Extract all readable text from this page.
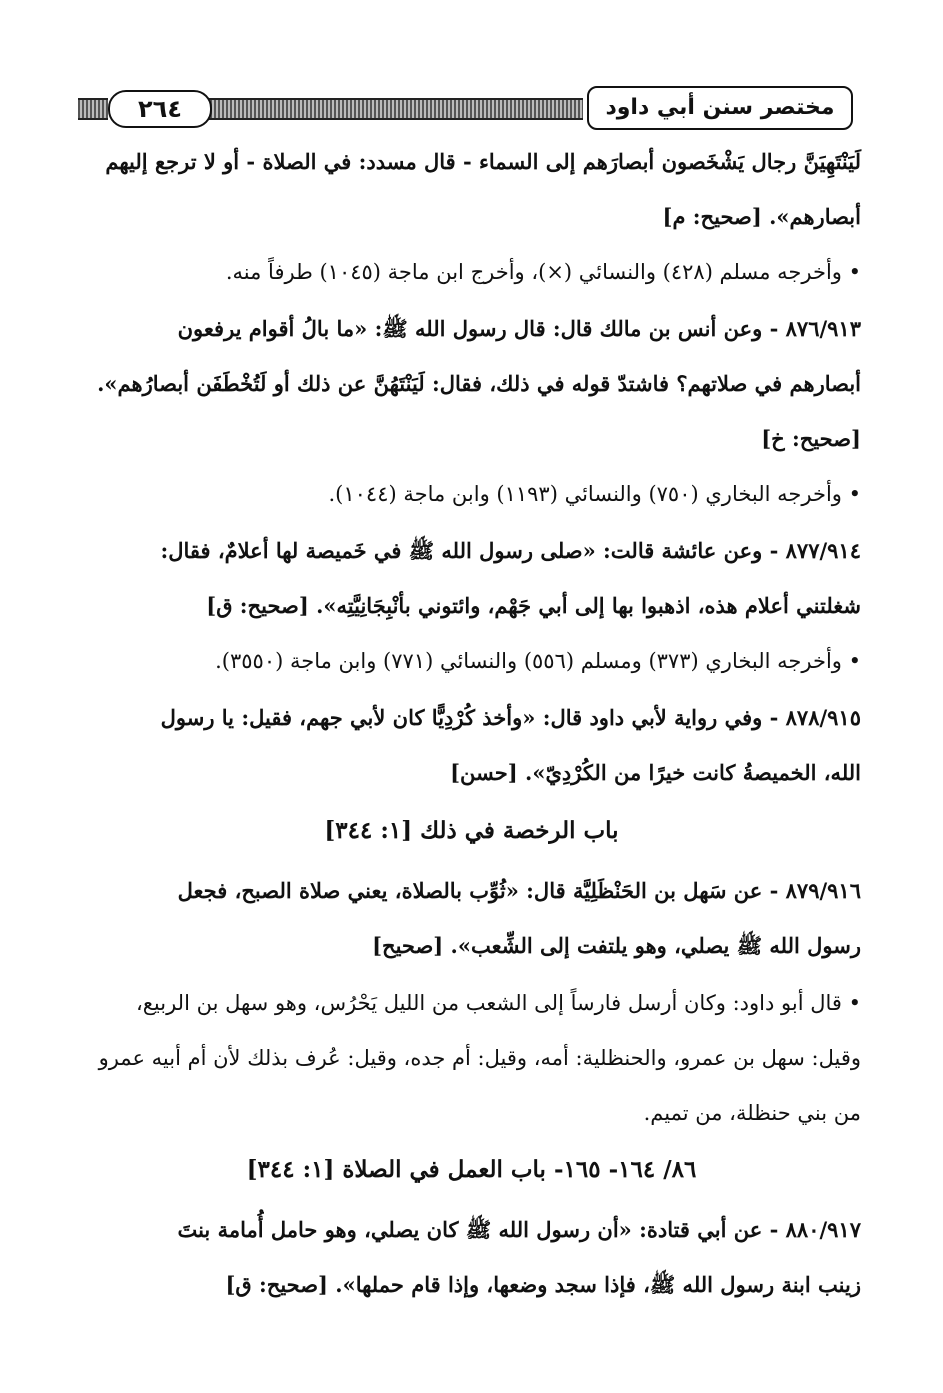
٢٦٤	مختصر سنن أبي داود
لَيَنْتَهِيَنَّ رجال يَشْخَصون أبصارَهم إلى السماء - قال مسدد: في الصلاة - أو لا ترجع إليهم
أبصارهم». [صحيح: م]
• وأخرجه مسلم (٤٢٨) والنسائي (×)، وأخرج ابن ماجة (١٠٤٥) طرفاً منه.
٨٧٦/٩١٣ - وعن أنس بن مالك قال: قال رسول الله ﷺ: «ما بالُ أقوام يرفعون
أبصارهم في صلاتهم؟ فاشتدّ قوله في ذلك، فقال: لَيَنْتَهُنَّ عن ذلك أو لَتُخْطَفَن أبصارُهم».
[صحيح: خ]
• وأخرجه البخاري (٧٥٠) والنسائي (١١٩٣) وابن ماجة (١٠٤٤).
٨٧٧/٩١٤ - وعن عائشة قالت: «صلى رسول الله ﷺ في خَميصة لها أعلامٌ، فقال:
شغلتني أعلام هذه، اذهبوا بها إلى أبي جَهْم، وائتوني بأنْبِجَانِيَّتِه». [صحيح: ق]
• وأخرجه البخاري (٣٧٣) ومسلم (٥٥٦) والنسائي (٧٧١) وابن ماجة (٣٥٥٠).
٨٧٨/٩١٥ - وفي رواية لأبي داود قال: «وأخذ كُرْدِيًّا كان لأبي جهم، فقيل: يا رسول
الله، الخميصةُ كانت خيرًا من الكُرْدِيّ». [حسن]
باب الرخصة في ذلك [١: ٣٤٤]
٨٧٩/٩١٦ - عن سَهل بن الحَنْظَلِيَّة قال: «ثُوِّب بالصلاة، يعني صلاة الصبح، فجعل
رسول الله ﷺ يصلي، وهو يلتفت إلى الشِّعب». [صحيح]
• قال أبو داود: وكان أرسل فارساً إلى الشعب من الليل يَحْرُس، وهو سهل بن الربيع،
وقيل: سهل بن عمرو، والحنظلية: أمه، وقيل: أم جده، وقيل: عُرف بذلك لأن أم أبيه عمرو
من بني حنظلة، من تميم.
٨٦/ ١٦٤- ١٦٥- باب العمل في الصلاة [١: ٣٤٤]
٨٨٠/٩١٧ - عن أبي قتادة: «أن رسول الله ﷺ كان يصلي، وهو حامل أُمامة بنتَ
زينب ابنة رسول الله ﷺ، فإذا سجد وضعها، وإذا قام حملها». [صحيح: ق]
